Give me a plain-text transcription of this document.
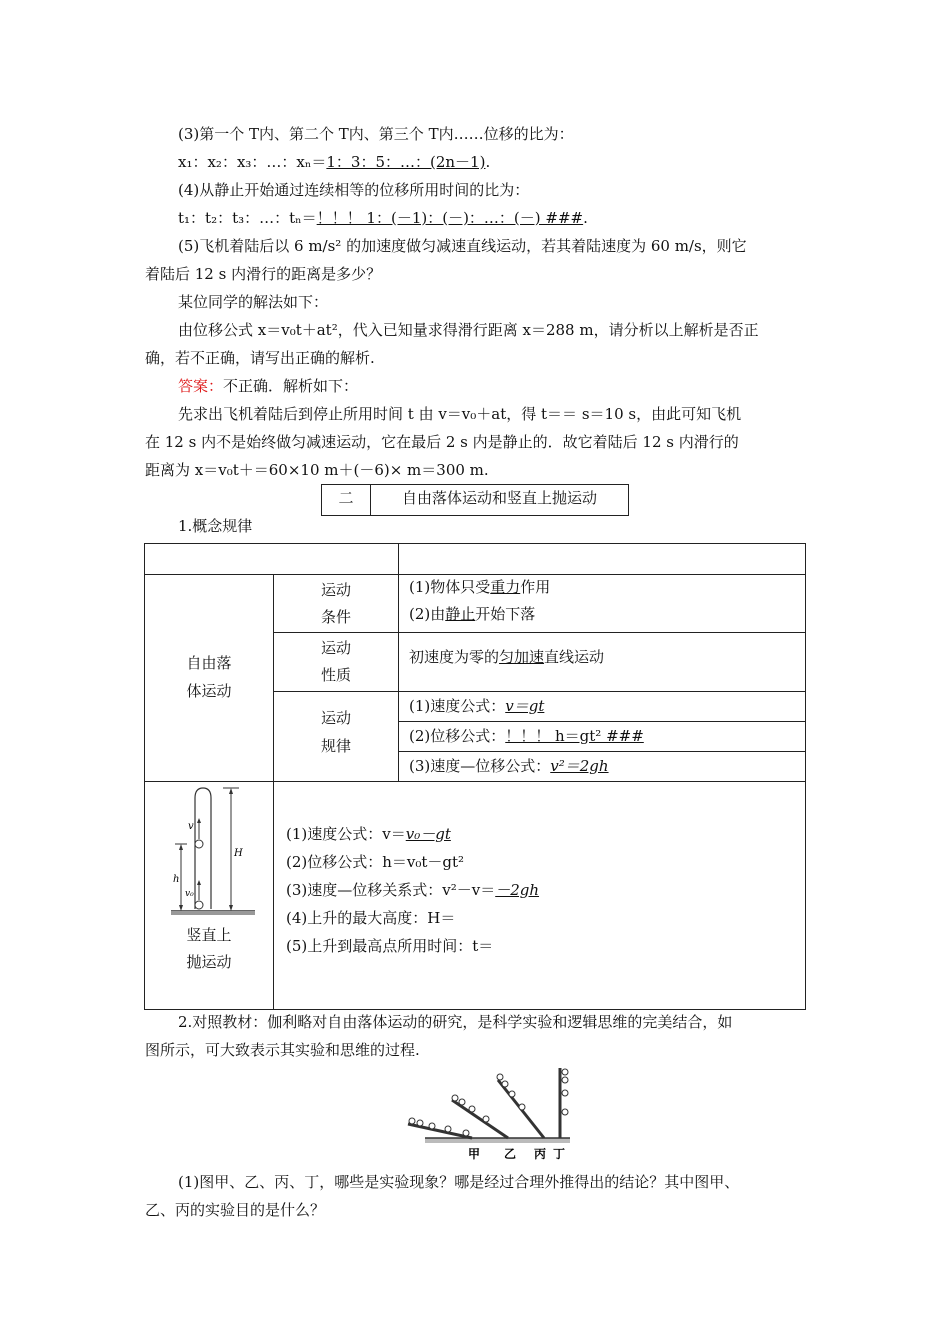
(3)第一个 T内、第二个 T内、第三个 T内……位移的比为：
x₁：x₂：x₃：…：xₙ＝1：3：5：…：(2n－1).
(4)从静止开始通过连续相等的位移所用时间的比为：
t₁：t₂：t₃：…：tₙ＝！！！ 1：(－1)：(－)：…：(－) ###.
(5)飞机着陆后以 6 m/s² 的加速度做匀减速直线运动，若其着陆速度为 60 m/s，则它
着陆后 12 s 内滑行的距离是多少？
某位同学的解法如下：
由位移公式 x＝v₀t＋at²，代入已知量求得滑行距离 x＝288 m，请分析以上解析是否正
确，若不正确，请写出正确的解析.
答案：不正确．解析如下：
先求出飞机着陆后到停止所用时间 t 由 v＝v₀＋at，得 t＝＝ s＝10 s，由此可知飞机
在 12 s 内不是始终做匀减速运动，它在最后 2 s 内是静止的．故它着陆后 12 s 内滑行的
距离为 x＝v₀t＋＝60×10 m＋(－6)× m＝300 m.
二	自由落体运动和竖直上抛运动
1.概念规律
自由落
体运动
运动
条件
(1)物体只受重力作用
(2)由静止开始下落
运动
性质
初速度为零的匀加速直线运动
运动
规律
(1)速度公式：v＝gt
(2)位移公式：！！！ h＝gt² ###
(3)速度—位移公式：v²＝2gh
v
h
v₀
H
竖直上
抛运动
(1)速度公式：v＝v₀－gt
(2)位移公式：h＝v₀t－gt²
(3)速度—位移关系式：v²－v＝－2gh
(4)上升的最大高度：H＝
(5)上升到最高点所用时间：t＝
2.对照教材：伽利略对自由落体运动的研究，是科学实验和逻辑思维的完美结合，如
图所示，可大致表示其实验和思维的过程.
甲 乙 丙 丁
(1)图甲、乙、丙、丁，哪些是实验现象？哪是经过合理外推得出的结论？其中图甲、
乙、丙的实验目的是什么？
